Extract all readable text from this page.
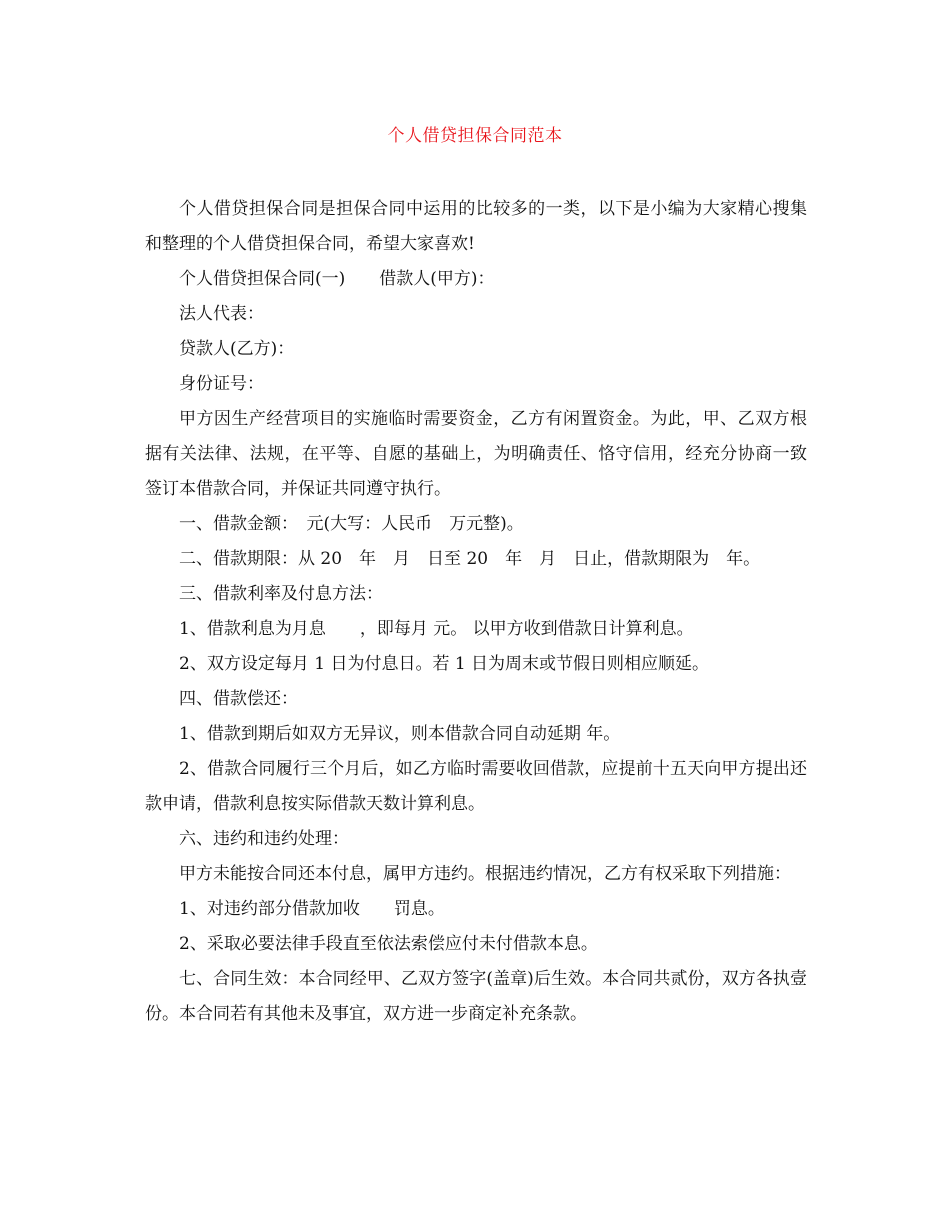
个人借贷担保合同范本

个人借贷担保合同是担保合同中运用的比较多的一类，以下是小编为大家精心搜集和整理的个人借贷担保合同，希望大家喜欢!

个人借贷担保合同(一)　　借款人(甲方)：

法人代表：

贷款人(乙方)：

身份证号：

甲方因生产经营项目的实施临时需要资金，乙方有闲置资金。为此，甲、乙双方根据有关法律、法规，在平等、自愿的基础上，为明确责任、恪守信用，经充分协商一致签订本借款合同，并保证共同遵守执行。

一、借款金额：　元(大写：人民币　万元整)。

二、借款期限：从 20　年　月　日至 20　年　月　日止，借款期限为　年。

三、借款利率及付息方法：

1、借款利息为月息　　，即每月 元。 以甲方收到借款日计算利息。

2、双方设定每月 1 日为付息日。若 1 日为周末或节假日则相应顺延。

四、借款偿还：

1、借款到期后如双方无异议，则本借款合同自动延期 年。

2、借款合同履行三个月后，如乙方临时需要收回借款，应提前十五天向甲方提出还款申请，借款利息按实际借款天数计算利息。

六、违约和违约处理：

甲方未能按合同还本付息，属甲方违约。根据违约情况，乙方有权采取下列措施：

1、对违约部分借款加收　　罚息。

2、采取必要法律手段直至依法索偿应付未付借款本息。

七、合同生效：本合同经甲、乙双方签字(盖章)后生效。本合同共贰份，双方各执壹份。本合同若有其他未及事宜，双方进一步商定补充条款。
